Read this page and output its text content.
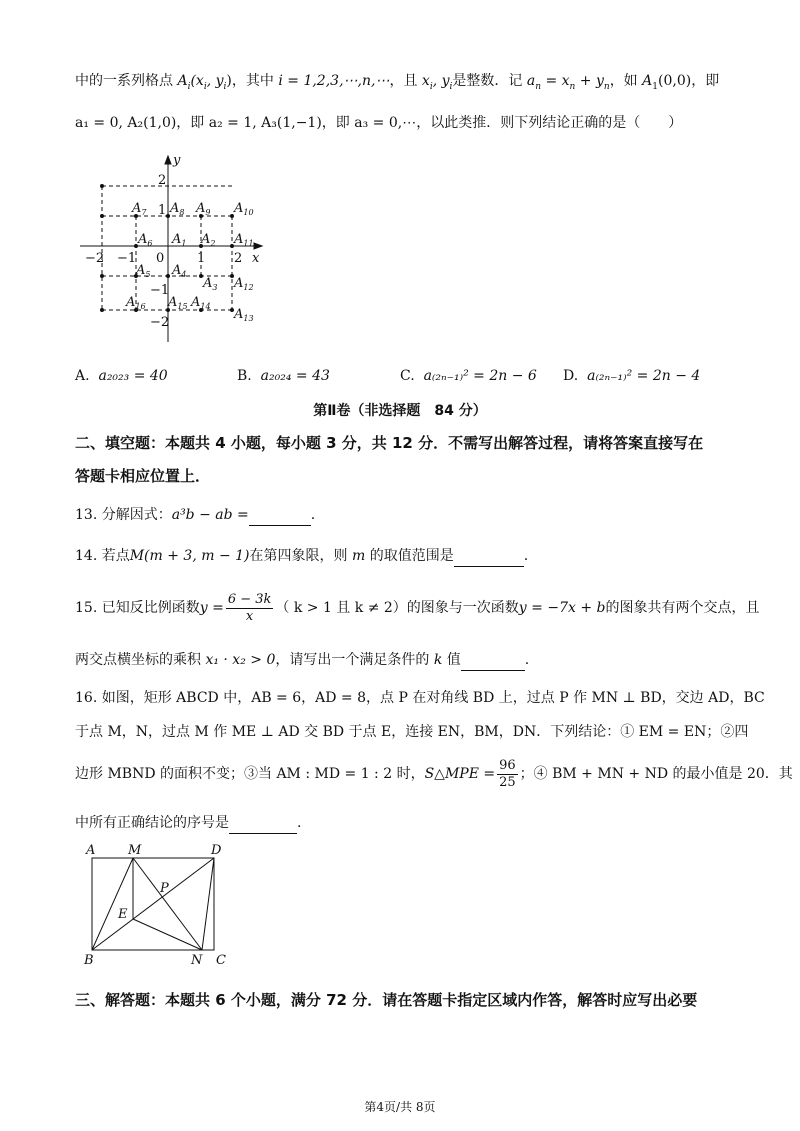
中的一系列格点 $A_i(x_i$, $y_i$)，其中 i = 1,2,3,⋯,n,⋯，且 $x_i$, $y_i$是整数．记 $a_n = x_n + y_n$，如 $A_1(0,0)$，即
a₁ = 0, A₂(1,0)，即 a₂ = 1, A₃(1,−1)，即 a₃ = 0,⋯，以此类推．则下列结论正确的是（　　）
x
y
−2 −1 0	1 2
2
1
−1
−2
$A_7$ $A_8$ $A_9$ $A_{10}$
$A_6$ $A_1$ $A_2$ $A_{11}$
$A_5$ $A_4$
$A_3$ $A_{12}$
$A_{16}$ $A_{15}$ $A_{14}$
$A_{13}$
A. a₂₀₂₃ = 40	B. a₂₀₂₄ = 43	C. a₍₂ₙ₋₁₎² = 2n − 6 D. a₍₂ₙ₋₁₎² = 2n − 4
第Ⅱ卷（非选择题　84 分）
二、填空题：本题共 4 小题，每小题 3 分，共 12 分．不需写出解答过程，请将答案直接写在
答题卡相应位置上．
13. 分解因式：a³b − ab =	.
14. 若点M(m + 3, m − 1)在第四象限，则 m 的取值范围是	.
15.
已知反比例函数 $y = \frac{6 - 3k}{x}$ （ k > 1 且 k ≠ 2） 的图象与一次函数 y = −7x + b 的图象共有两个交点，且
两交点横坐标的乘积 x₁ · x₂ > 0，请写出一个满足条件的 k 值	.
16. 如图，矩形 ABCD 中，AB = 6，AD = 8，点 P 在对角线 BD 上，过点 P 作 MN ⊥ BD，交边 AD，BC
于点 M，N，过点 M 作 ME ⊥ AD 交 BD 于点 E，连接 EN，BM，DN．下列结论：① EM = EN；②四
边形 MBND 的面积不变；③当 AM : MD = 1 : 2 时， S△MPE = $\frac{96}{25}$ ；④ BM + MN + ND 的最小值是 20．其
中所有正确结论的序号是	.
A	M	D
P
E
B	N C
三、解答题：本题共 6 个小题，满分 72 分．请在答题卡指定区域内作答，解答时应写出必要
第4页/共 8页
